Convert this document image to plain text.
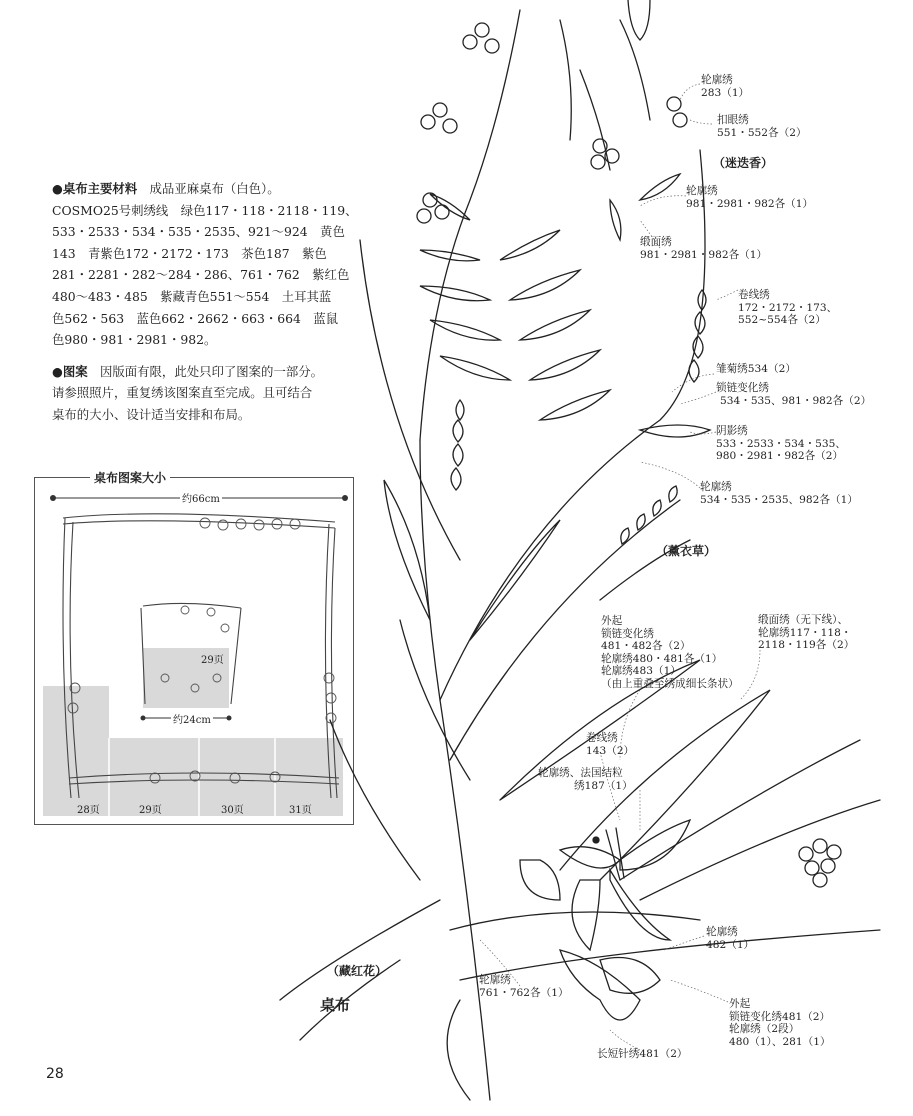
●桌布主要材料　 成品亚麻桌布（白色）。
COSMO25号刺绣线　绿色117・118・2118・119、
533・2533・534・535・2535、921～924　黄色
143　青紫色172・2172・173　茶色187　紫色
281・2281・282～284・286、761・762　紫红色
480～483・485　紫藏青色551～554　土耳其蓝
色562・563　蓝色662・2662・663・664　蓝鼠
色980・981・2981・982。

●图案　 因版面有限，此处只印了图案的一部分。
请参照照片，重复绣该图案直至完成。且可结合
桌布的大小、设计适当安排和布局。

约66cm
29页
约24cm
28页	29页	30页	31页
桌布图案大小
轮廓绣
283（1）
扣眼绣
551・552各（2）
（迷迭香）
轮廓绣
981・2981・982各（1）
缎面绣
981・2981・982各（1）
卷线绣
172・2172・173、
552~554各（2）
雏菊绣534（2）
锁链变化绣
534・535、981・982各（2）
阴影绣
533・2533・534・535、
980・2981・982各（2）
轮廓绣
534・535・2535、982各（1）
（薰衣草）
外起
锁链变化绣
481・482各（2）
轮廓绣480・481各（1）
轮廓绣483（1）
（由上重叠至绣成细长条状）
缎面绣（无下线）、
轮廓绣117・118・
2118・119各（2）
卷线绣
143（2）
轮廓绣、法国结粒
绣187（1）
轮廓绣
482（1）
（藏红花）
轮廓绣
761・762各（1）
桌布	外起
锁链变化绣481（2）
轮廓绣（2段）
480（1）、281（1）
长短针绣481（2）
28
